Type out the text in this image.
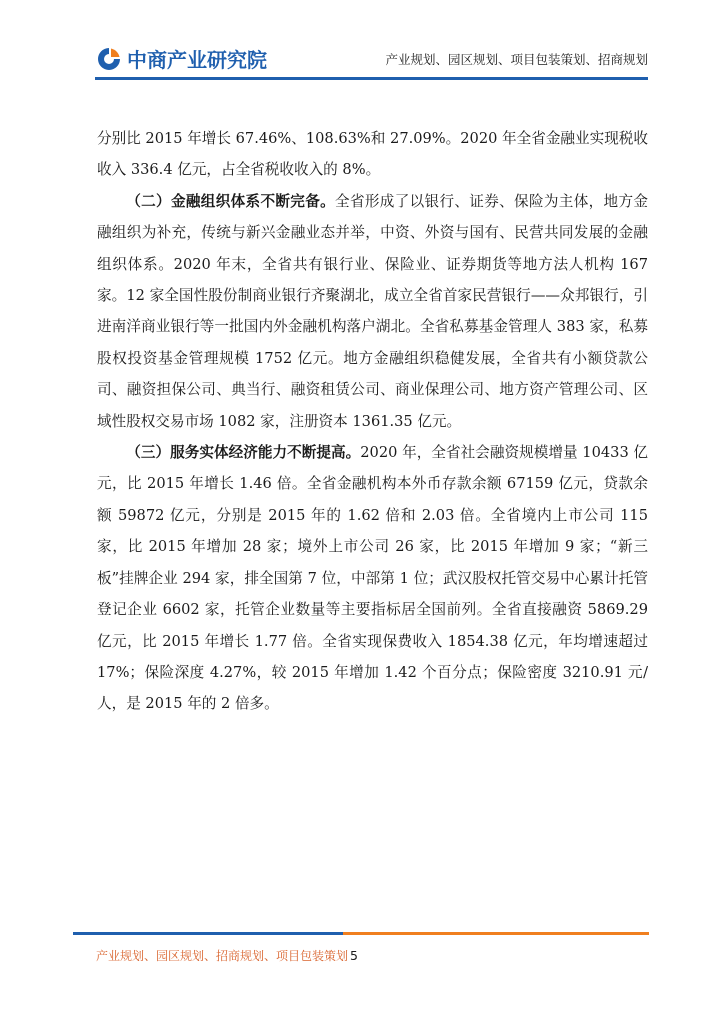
中商产业研究院	产业规划、园区规划、项目包装策划、招商规划

分别比 2015 年增长 67.46%、108.63%和 27.09%。2020 年全省金融业实现税收收入 336.4 亿元，占全省税收收入的 8%。

（二）金融组织体系不断完备。全省形成了以银行、证券、保险为主体，地方金融组织为补充，传统与新兴金融业态并举，中资、外资与国有、民营共同发展的金融组织体系。2020 年末，全省共有银行业、保险业、证券期货等地方法人机构 167 家。12 家全国性股份制商业银行齐聚湖北，成立全省首家民营银行——众邦银行，引进南洋商业银行等一批国内外金融机构落户湖北。全省私募基金管理人 383 家，私募股权投资基金管理规模 1752 亿元。地方金融组织稳健发展，全省共有小额贷款公司、融资担保公司、典当行、融资租赁公司、商业保理公司、地方资产管理公司、区域性股权交易市场 1082 家，注册资本 1361.35 亿元。

（三）服务实体经济能力不断提高。2020 年，全省社会融资规模增量 10433 亿元，比 2015 年增长 1.46 倍。全省金融机构本外币存款余额 67159 亿元，贷款余额 59872 亿元，分别是 2015 年的 1.62 倍和 2.03 倍。全省境内上市公司 115 家，比 2015 年增加 28 家；境外上市公司 26 家，比 2015 年增加 9 家；“新三板”挂牌企业 294 家，排全国第 7 位，中部第 1 位；武汉股权托管交易中心累计托管登记企业 6602 家，托管企业数量等主要指标居全国前列。全省直接融资 5869.29 亿元，比 2015 年增长 1.77 倍。全省实现保费收入 1854.38 亿元，年均增速超过 17%；保险深度 4.27%，较 2015 年增加 1.42 个百分点；保险密度 3210.91 元/人，是 2015 年的 2 倍多。

产业规划、园区规划、招商规划、项目包装策划 5
